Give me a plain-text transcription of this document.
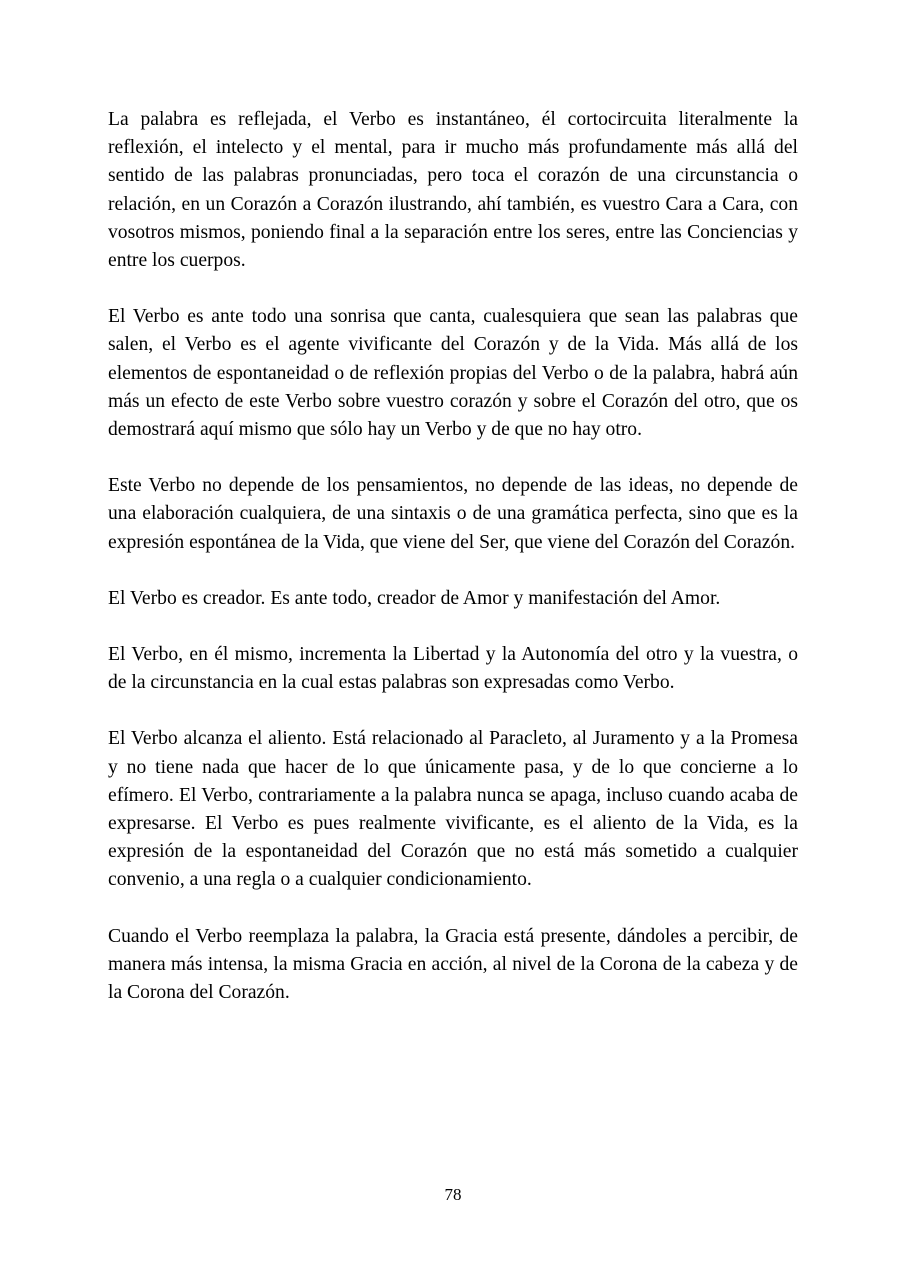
La palabra es reflejada, el Verbo es instantáneo, él cortocircuita literalmente la reflexión, el intelecto y el mental, para ir mucho más profundamente más allá del sentido de las palabras pronunciadas, pero toca el corazón de una circunstancia o relación, en un Corazón a Corazón ilustrando, ahí también, es vuestro Cara a Cara, con vosotros mismos, poniendo final a la separación entre los seres, entre las Conciencias y entre los cuerpos.

El Verbo es ante todo una sonrisa que canta, cualesquiera que sean las palabras que salen, el Verbo es el agente vivificante del Corazón y de la Vida. Más allá de los elementos de espontaneidad o de reflexión propias del Verbo o de la palabra, habrá aún más un efecto de este Verbo sobre vuestro corazón y sobre el Corazón del otro, que os demostrará aquí mismo que sólo hay un Verbo y de que no hay otro.

Este Verbo no depende de los pensamientos, no depende de las ideas, no depende de una elaboración cualquiera, de una sintaxis o de una gramática perfecta, sino que es la expresión espontánea de la Vida, que viene del Ser, que viene del Corazón del Corazón.

El Verbo es creador. Es ante todo, creador de Amor y manifestación del Amor.

El Verbo, en él mismo, incrementa la Libertad y la Autonomía del otro y la vuestra, o de la circunstancia en la cual estas palabras son expresadas como Verbo.

El Verbo alcanza el aliento. Está relacionado al Paracleto, al Juramento y a la Promesa y no tiene nada que hacer de lo que únicamente pasa, y de lo que concierne a lo efímero. El Verbo, contrariamente a la palabra nunca se apaga, incluso cuando acaba de expresarse. El Verbo es pues realmente vivificante, es el aliento de la Vida, es la expresión de la espontaneidad del Corazón que no está más sometido a cualquier convenio, a una regla o a cualquier condicionamiento.

Cuando el Verbo reemplaza la palabra, la Gracia está presente, dándoles a percibir, de manera más intensa, la misma Gracia en acción, al nivel de la Corona de la cabeza y de la Corona del Corazón.

78
